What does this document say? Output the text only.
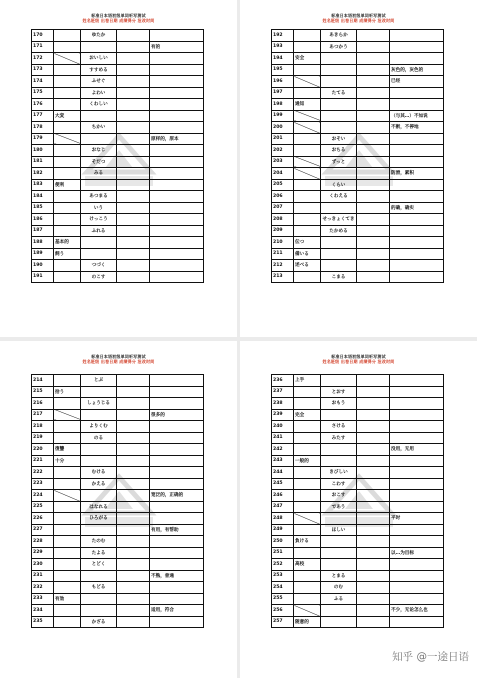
标准日本语初级单词听写测试
姓名班级 出卷日期 成绩得分 批改时间
170		ゆたか		
171				有的
172		おいしい		
173		すすめる		
174		ふせぐ		
175		よわい		
176		くわしい		
177	大変			
178		ちかい		
179				原样的，原本
180		おなじ		
181		そだつ		
182		みる		
183	便利			
184		あつまる		
185		いう		
186		けっこう		
187		ふれる		
188	基本的			
189	飼う			
190		つづく		
191		のこす		
标准日本语初级单词听写测试
姓名班级 出卷日期 成绩得分 批改时间
192		あきらか		
193		あつかう		
194	安全			
195				灰色的，灰色的
196				已经
197		たてる		
198	通知			
199				（与其…）不如说
200				不断，不停地
201		おそい		
202		おちる		
203		ずっと		
204				防滑，累积
205		くらい		
206		くわえる		
207				的确，确实
208		せっきょくてき		
209		たかめる		
210	伝つ			
211	備いる			
212	述べる			
213		こまる		
标准日本语初级单词听写测试
姓名班级 出卷日期 成绩得分 批改时间
214		とぶ		
215	拾う			
216		しょうじる		
217				很多的
218		よりくむ		
219		のる		
220	復讐			
221	十分			
222		むける		
223		かえる		
224				宽泛的，正确的
225		はなれる		
226		ひろがる		
227				有用，有帮助
228		たのむ		
229		たよる		
230		とどく		
231				不熟，普通
232		もどる		
233	有効			
234				适用，符合
235		かざる		
标准日本语初级单词听写测试
姓名班级 出卷日期 成绩得分 批改时间
236	上手			
237		とおす		
238		おもう		
239	完全			
240		さける		
241		みたす		
242				没用，无用
243	一般的			
244		きびしい		
245		こわす		
246		おこす		
247		であう		
248				平时
249		ほしい		
250	負ける			
251				以…为目标
252	高校			
253		とまる		
254		のむ		
255		ふる		
256				不少，无论怎么也
257	随意的			
知乎 @一途日语
